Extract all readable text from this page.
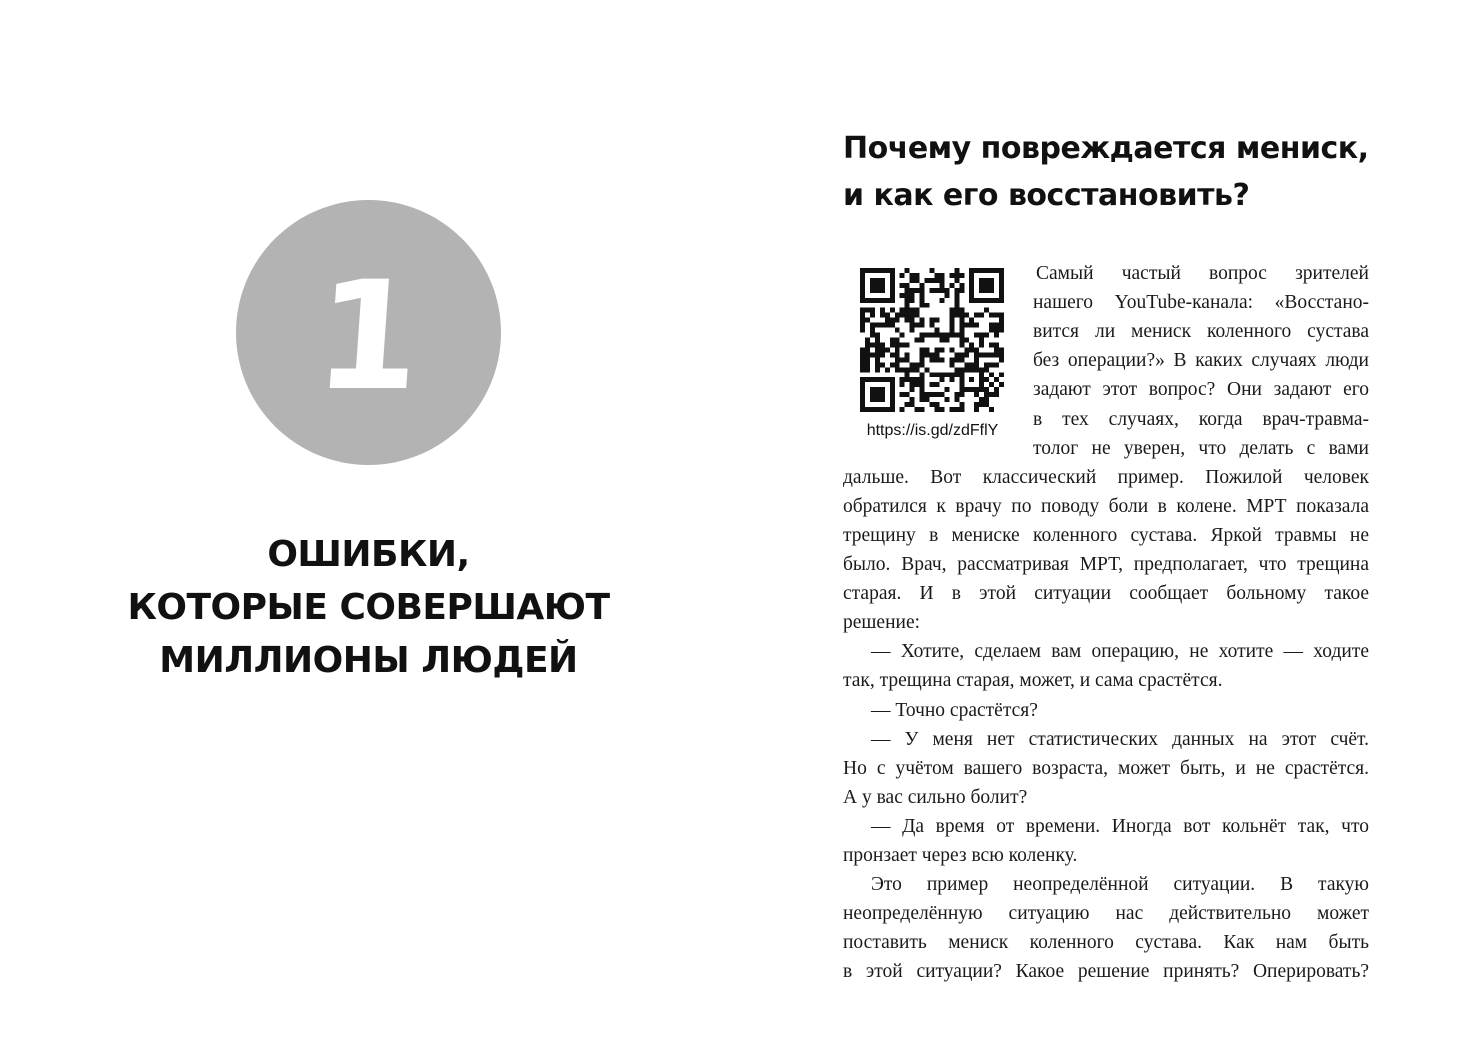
1
ОШИБКИ,
КОТОРЫЕ СОВЕРШАЮТ
МИЛЛИОНЫ ЛЮДЕЙ
Почему повреждается мениск,
и как его восстановить?
https://is.gd/zdFflY
Самый частый вопрос зрителей
нашего YouTube-канала: «Восстано-
вится ли мениск коленного сустава
без операции?» В каких случаях люди
задают этот вопрос? Они задают его
в тех случаях, когда врач-травма-
толог не уверен, что делать с вами
дальше. Вот классический пример. Пожилой человек
обратился к врачу по поводу боли в колене. МРТ показала
трещину в мениске коленного сустава. Яркой травмы не
было. Врач, рассматривая МРТ, предполагает, что трещина
старая. И в этой ситуации сообщает больному такое
решение:
— Хотите, сделаем вам операцию, не хотите — ходите
так, трещина старая, может, и сама срастётся.
— Точно срастётся?
— У меня нет статистических данных на этот счёт.
Но с учётом вашего возраста, может быть, и не срастётся.
А у вас сильно болит?
— Да время от времени. Иногда вот кольнёт так, что
пронзает через всю коленку.
Это пример неопределённой ситуации. В такую
неопределённую ситуацию нас действительно может
поставить мениск коленного сустава. Как нам быть
в этой ситуации? Какое решение принять? Оперировать?
